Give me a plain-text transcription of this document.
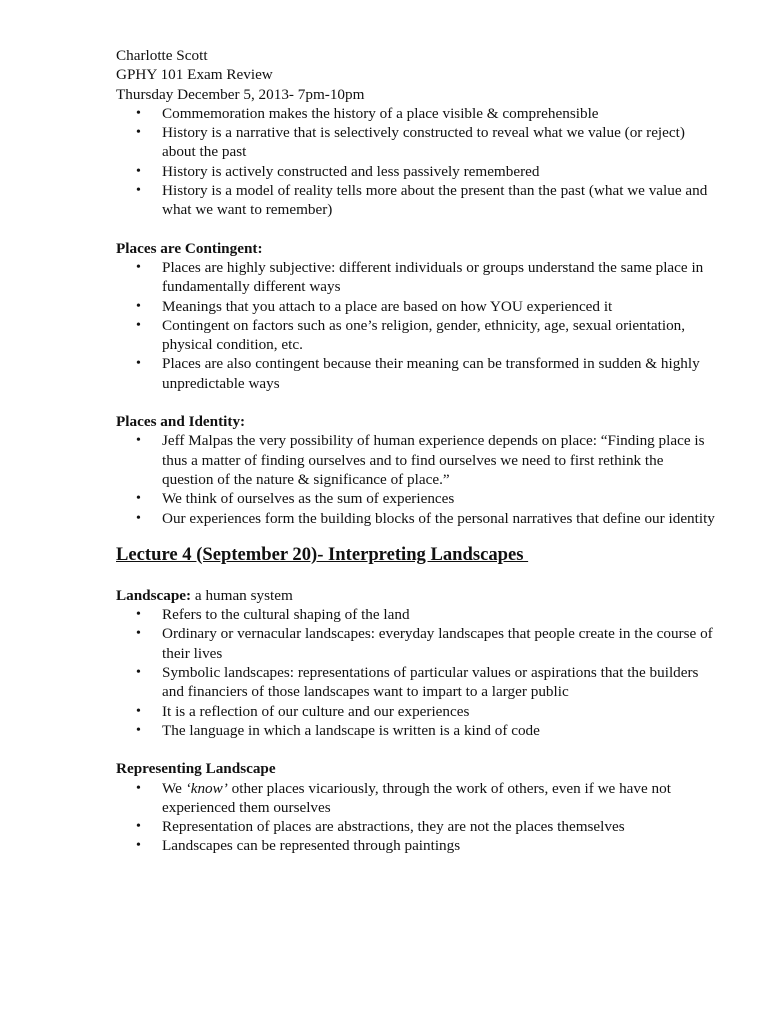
Charlotte Scott

GPHY 101 Exam Review

Thursday December 5, 2013- 7pm-10pm

• Commemoration makes the history of a place visible & comprehensible
• History is a narrative that is selectively constructed to reveal what we value (or reject) about the past
• History is actively constructed and less passively remembered
• History is a model of reality tells more about the present than the past (what we value and what we want to remember)

Places are Contingent:

• Places are highly subjective: different individuals or groups understand the same place in fundamentally different ways
• Meanings that you attach to a place are based on how YOU experienced it
• Contingent on factors such as one’s religion, gender, ethnicity, age, sexual orientation, physical condition, etc.
• Places are also contingent because their meaning can be transformed in sudden & highly unpredictable ways

Places and Identity:

• Jeff Malpas the very possibility of human experience depends on place: “Finding place is thus a matter of finding ourselves and to find ourselves we need to first rethink the question of the nature & significance of place.”
• We think of ourselves as the sum of experiences
• Our experiences form the building blocks of the personal narratives that define our identity

Lecture 4 (September 20)- Interpreting Landscapes

Landscape: a human system

• Refers to the cultural shaping of the land
• Ordinary or vernacular landscapes: everyday landscapes that people create in the course of their lives
• Symbolic landscapes: representations of particular values or aspirations that the builders and financiers of those landscapes want to impart to a larger public
• It is a reflection of our culture and our experiences
• The language in which a landscape is written is a kind of code

Representing Landscape

• We ‘know’ other places vicariously, through the work of others, even if we have not experienced them ourselves
• Representation of places are abstractions, they are not the places themselves
• Landscapes can be represented through paintings
